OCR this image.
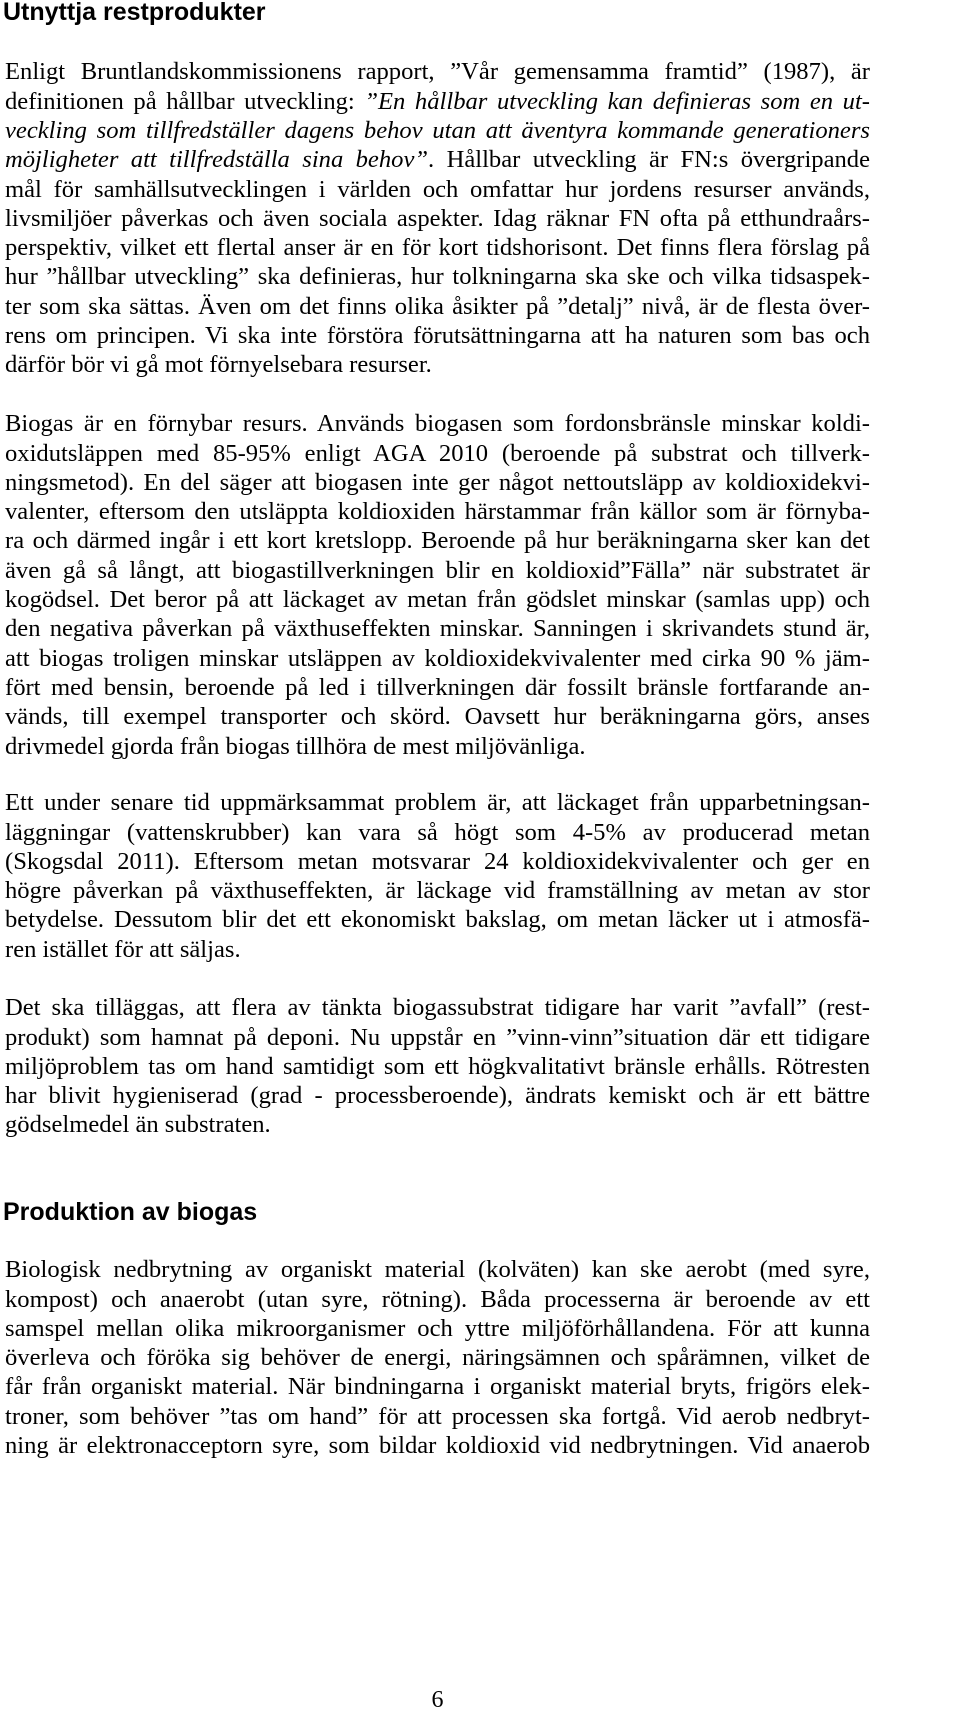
Utnyttja restprodukter
Enligt Bruntlandskommissionens rapport, ”Vår gemensamma framtid” (1987), är
definitionen på hållbar utveckling: ”En hållbar utveckling kan definieras som en ut-
veckling som tillfredställer dagens behov utan att äventyra kommande generationers
möjligheter att tillfredställa sina behov”. Hållbar utveckling är FN:s övergripande
mål för samhällsutvecklingen i världen och omfattar hur jordens resurser används,
livsmiljöer påverkas och även sociala aspekter. Idag räknar FN ofta på etthundraårs-
perspektiv, vilket ett flertal anser är en för kort tidshorisont. Det finns flera förslag på
hur ”hållbar utveckling” ska definieras, hur tolkningarna ska ske och vilka tidsaspek-
ter som ska sättas. Även om det finns olika åsikter på ”detalj” nivå, är de flesta över-
rens om principen. Vi ska inte förstöra förutsättningarna att ha naturen som bas och
därför bör vi gå mot förnyelsebara resurser.
Biogas är en förnybar resurs. Används biogasen som fordonsbränsle minskar koldi-
oxidutsläppen med 85-95% enligt AGA 2010 (beroende på substrat och tillverk-
ningsmetod). En del säger att biogasen inte ger något nettoutsläpp av koldioxidekvi-
valenter, eftersom den utsläppta koldioxiden härstammar från källor som är förnyba-
ra och därmed ingår i ett kort kretslopp. Beroende på hur beräkningarna sker kan det
även gå så långt, att biogastillverkningen blir en koldioxid”Fälla” när substratet är
kogödsel. Det beror på att läckaget av metan från gödslet minskar (samlas upp) och
den negativa påverkan på växthuseffekten minskar. Sanningen i skrivandets stund är,
att biogas troligen minskar utsläppen av koldioxidekvivalenter med cirka 90 % jäm-
fört med bensin, beroende på led i tillverkningen där fossilt bränsle fortfarande an-
vänds, till exempel transporter och skörd. Oavsett hur beräkningarna görs, anses
drivmedel gjorda från biogas tillhöra de mest miljövänliga.
Ett under senare tid uppmärksammat problem är, att läckaget från upparbetningsan-
läggningar (vattenskrubber) kan vara så högt som 4-5% av producerad metan
(Skogsdal 2011). Eftersom metan motsvarar 24 koldioxidekvivalenter och ger en
högre påverkan på växthuseffekten, är läckage vid framställning av metan av stor
betydelse. Dessutom blir det ett ekonomiskt bakslag, om metan läcker ut i atmosfä-
ren istället för att säljas.
Det ska tilläggas, att flera av tänkta biogassubstrat tidigare har varit ”avfall” (rest-
produkt) som hamnat på deponi. Nu uppstår en ”vinn-vinn”situation där ett tidigare
miljöproblem tas om hand samtidigt som ett högkvalitativt bränsle erhålls. Rötresten
har blivit hygieniserad (grad - processberoende), ändrats kemiskt och är ett bättre
gödselmedel än substraten.
Produktion av biogas
Biologisk nedbrytning av organiskt material (kolväten) kan ske aerobt (med syre,
kompost) och anaerobt (utan syre, rötning). Båda processerna är beroende av ett
samspel mellan olika mikroorganismer och yttre miljöförhållandena. För att kunna
överleva och föröka sig behöver de energi, näringsämnen och spårämnen, vilket de
får från organiskt material. När bindningarna i organiskt material bryts, frigörs elek-
troner, som behöver ”tas om hand” för att processen ska fortgå. Vid aerob nedbryt-
ning är elektronacceptorn syre, som bildar koldioxid vid nedbrytningen. Vid anaerob
6
